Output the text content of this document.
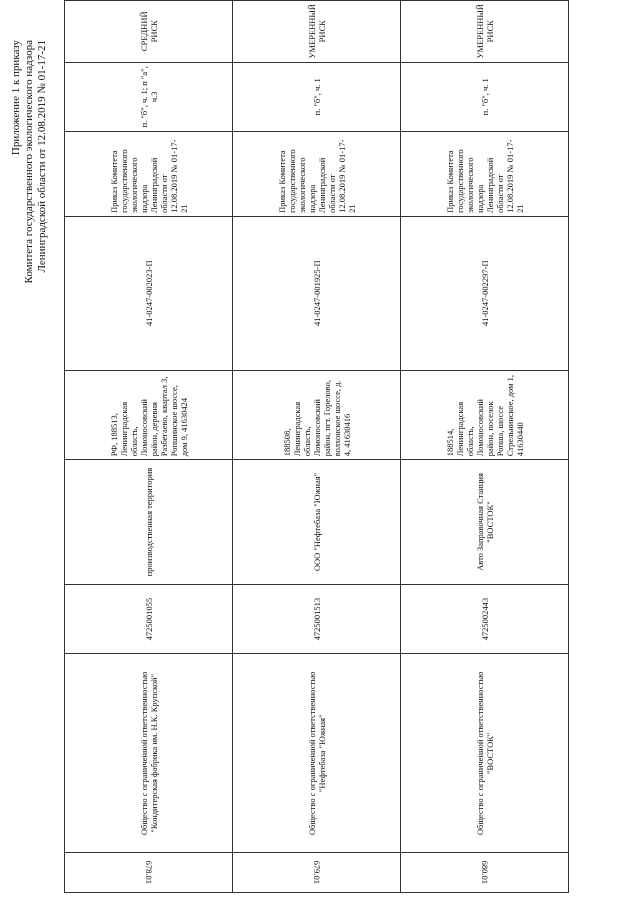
Приложение 1 к приказу Комитета государственного экологического надзора Ленинградской области от 12.08.2019 № 01-17-21
678.01	Общество с ограниченной ответственностью "Кондитерская фабрика им. Н.К. Крупской"	4725001055	производственная территория	РФ, 188513, Ленинградская область, Ломоносовский район, деревня Разбегаево, квартал 3, Ропшинское шоссе, дом 9, 41630424	41-0247-002023-П	Приказ Комитета государственного экологического надзора Ленинградской области от 12.08.2019 № 01-17-21	п. "б", ч. 1; п "а", ч.3	СРЕДНИЙ РИСК
679.01	Общество с ограниченной ответственностью "Нефтебаза "Южная"	4725001513	ООО "Нефтебаза "Южная"	188508, Ленинградская область, Ломоносовский район, пгт. Горелово, волхонское шоссе, д. 4, 41630416	41-0247-001925-П	Приказ Комитета государственного экологического надзора Ленинградской области от 12.08.2019 № 01-17-21	п. "б", ч. 1	УМЕРЕННЫЙ РИСК
680.01	Общество с ограниченной ответственностью "ВОСТОК"	4725002443	Авто Заправочная Станция "ВОСТОК"	188514, Ленинградская область, Ломоносовский район, поселок Ропша, шоссе Стрельнинское, дом 1, 41630440	41-0247-002297-П	Приказ Комитета государственного экологического надзора Ленинградской области от 12.08.2019 № 01-17-21	п. "б", ч. 1	УМЕРЕННЫЙ РИСК
